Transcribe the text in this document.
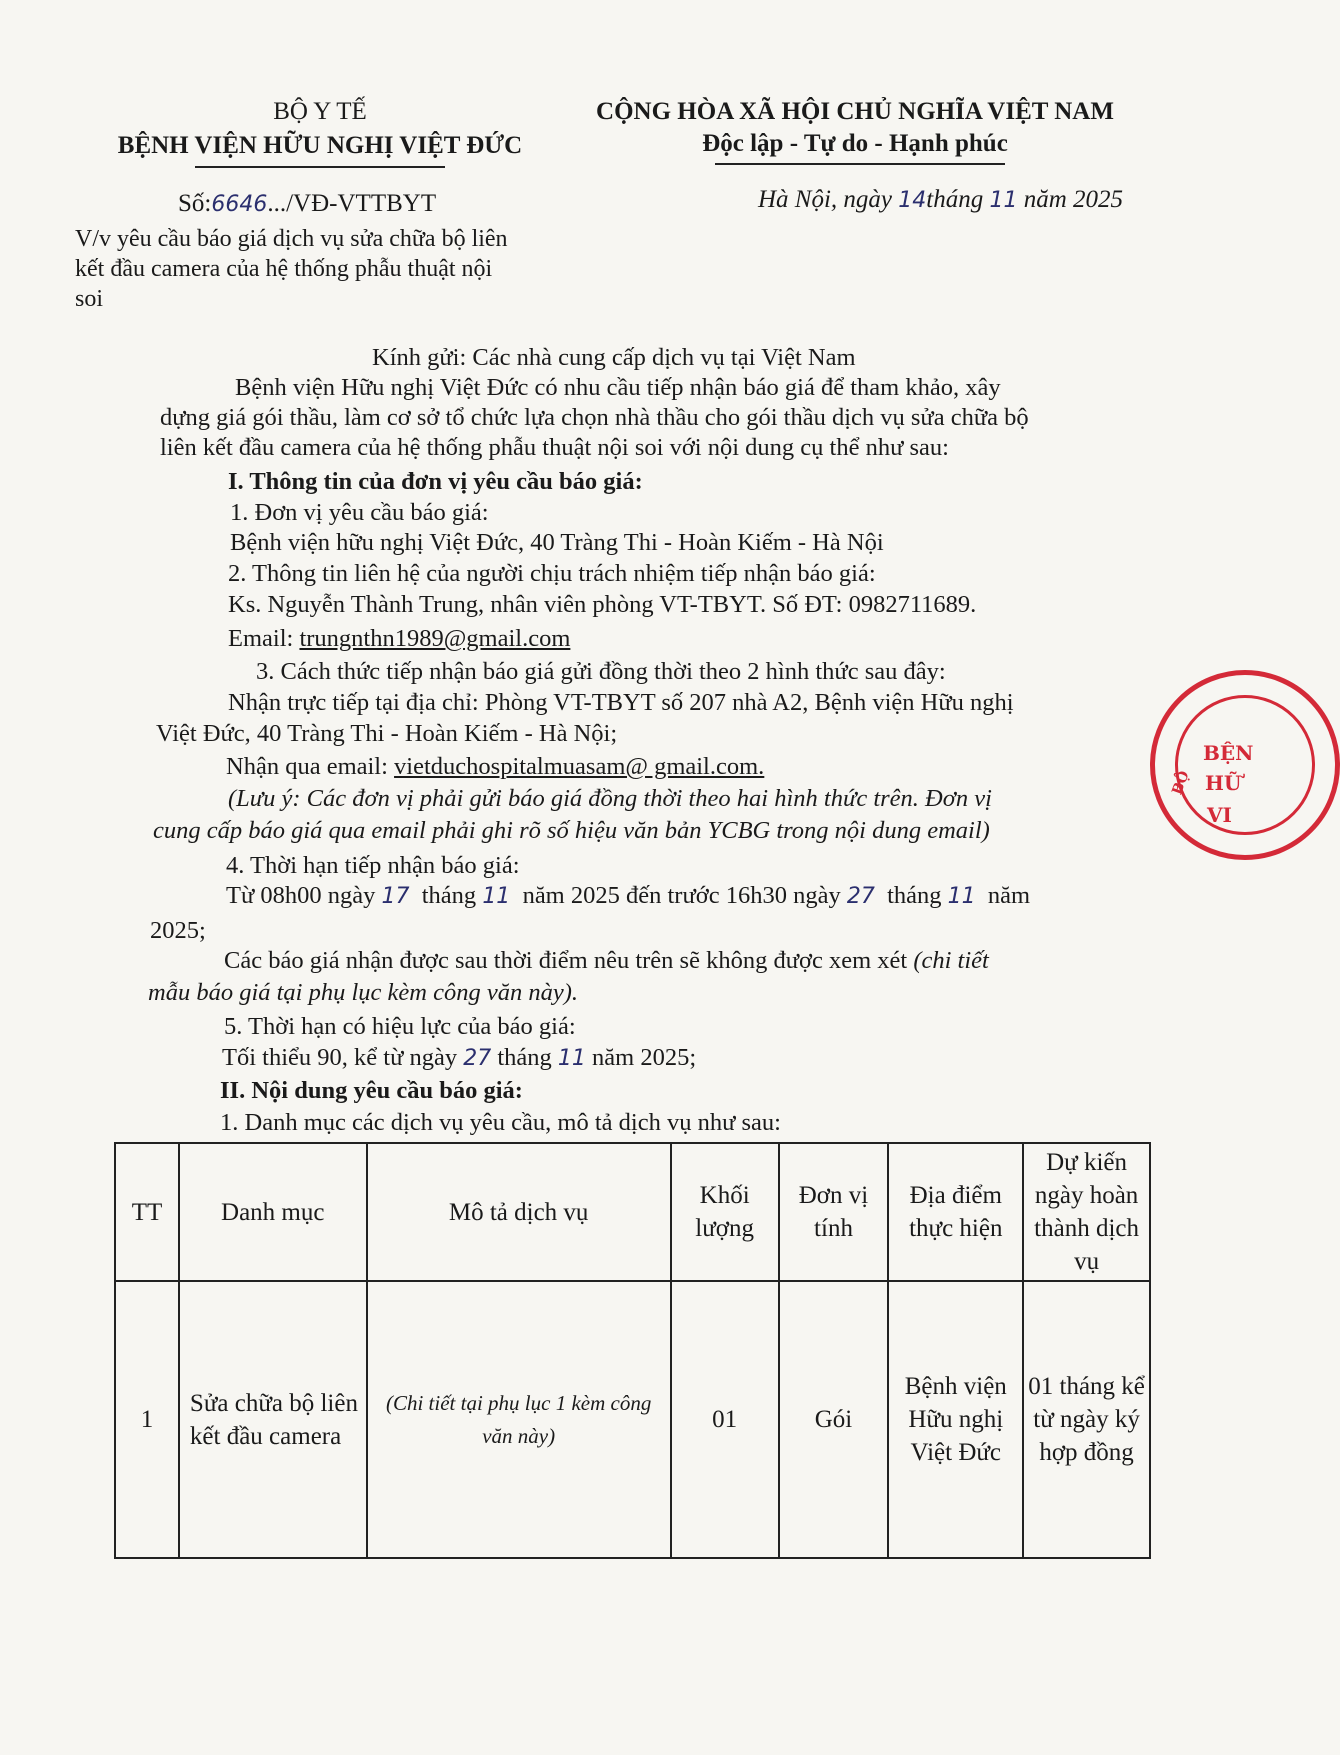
BỘ Y TẾ
BỆNH VIỆN HỮU NGHỊ VIỆT ĐỨC
CỘNG HÒA XÃ HỘI CHỦ NGHĨA VIỆT NAM
Độc lập - Tự do - Hạnh phúc
Số:6646.../VĐ-VTTBYT	Hà Nội, ngày 14tháng 11 năm 2025
V/v yêu cầu báo giá dịch vụ sửa chữa bộ liên
kết đầu camera của hệ thống phẫu thuật nội
soi
Kính gửi: Các nhà cung cấp dịch vụ tại Việt Nam
Bệnh viện Hữu nghị Việt Đức có nhu cầu tiếp nhận báo giá để tham khảo, xây
dựng giá gói thầu, làm cơ sở tổ chức lựa chọn nhà thầu cho gói thầu dịch vụ sửa chữa bộ
liên kết đầu camera của hệ thống phẫu thuật nội soi với nội dung cụ thể như sau:
I. Thông tin của đơn vị yêu cầu báo giá:
1. Đơn vị yêu cầu báo giá:
Bệnh viện hữu nghị Việt Đức, 40 Tràng Thi - Hoàn Kiếm - Hà Nội
2. Thông tin liên hệ của người chịu trách nhiệm tiếp nhận báo giá:
Ks. Nguyễn Thành Trung, nhân viên phòng VT-TBYT. Số ĐT: 0982711689.
Email: trungnthn1989@gmail.com
3. Cách thức tiếp nhận báo giá gửi đồng thời theo 2 hình thức sau đây:
Nhận trực tiếp tại địa chỉ: Phòng VT-TBYT số 207 nhà A2, Bệnh viện Hữu nghị
Việt Đức, 40 Tràng Thi - Hoàn Kiếm - Hà Nội;
Nhận qua email: vietduchospitalmuasam@ gmail.com.
(Lưu ý: Các đơn vị phải gửi báo giá đồng thời theo hai hình thức trên. Đơn vị
cung cấp báo giá qua email phải ghi rõ số hiệu văn bản YCBG trong nội dung email)
4. Thời hạn tiếp nhận báo giá:
Từ 08h00 ngày 17 tháng 11 năm 2025 đến trước 16h30 ngày 27 tháng 11 năm
2025;
Các báo giá nhận được sau thời điểm nêu trên sẽ không được xem xét (chi tiết
mẫu báo giá tại phụ lục kèm công văn này).
5. Thời hạn có hiệu lực của báo giá:
Tối thiểu 90, kể từ ngày 27 tháng 11 năm 2025;
II. Nội dung yêu cầu báo giá:
1. Danh mục các dịch vụ yêu cầu, mô tả dịch vụ như sau:
TT	Danh mục	Mô tả dịch vụ	Khối lượng	Đơn vị tính	Địa điểm thực hiện	Dự kiến ngày hoàn thành dịch vụ
1	Sửa chữa bộ liên kết đầu camera	(Chi tiết tại phụ lục 1 kèm công văn này)	01	Gói	Bệnh viện Hữu nghị Việt Đức	01 tháng kể từ ngày ký hợp đồng
BỆN
HỮ
VI
BỘ
